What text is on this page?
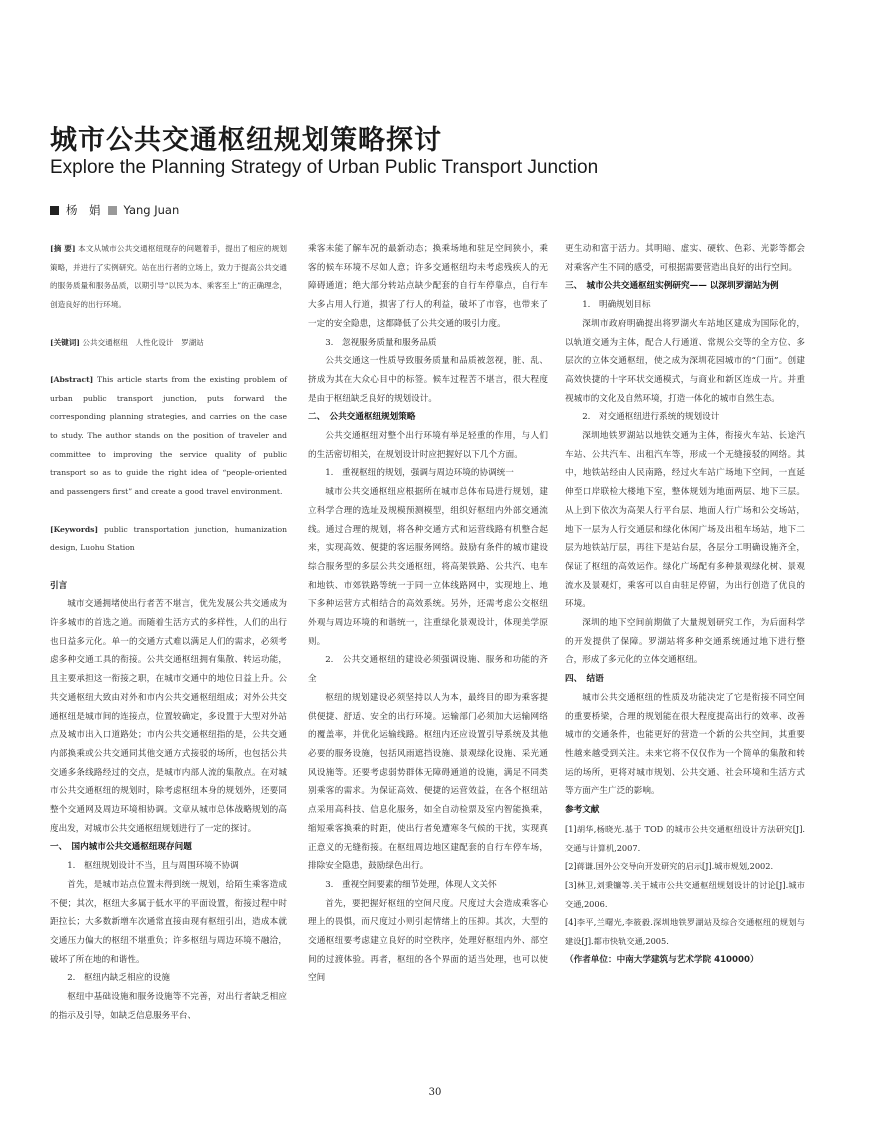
城市公共交通枢纽规划策略探讨
Explore the Planning Strategy of Urban Public Transport Junction
杨　娟 Yang Juan

[摘 要] 本文从城市公共交通枢纽现存的问题着手，提出了相应的规划策略，并进行了实例研究。站在出行者的立场上，致力于提高公共交通的服务质量和服务品质，以期引导“以民为本、乘客至上”的正确理念，创造良好的出行环境。

[关键词] 公共交通枢纽　人性化设计　罗湖站

[Abstract] This article starts from the existing problem of urban public transport junction, puts forward the corresponding planning strategies, and carries on the case to study. The author stands on the position of traveler and committee to improving the service quality of public transport so as to guide the right idea of “people-oriented and passengers first” and create a good travel environment.

[Keywords] public transportation junction, humanization design, Luohu Station

引言

城市交通拥堵使出行者苦不堪言，优先发展公共交通成为许多城市的首选之道。而随着生活方式的多样性，人们的出行也日益多元化。单一的交通方式难以满足人们的需求，必须考虑多种交通工具的衔接。公共交通枢纽拥有集散、转运功能，且主要承担这一衔接之职，在城市交通中的地位日益上升。公共交通枢纽大致由对外和市内公共交通枢纽组成；对外公共交通枢纽是城市间的连接点，位置较确定，多设置于大型对外站点及城市出入口道路处；市内公共交通枢纽指的是，公共交通内部换乘或公共交通同其他交通方式接驳的场所，也包括公共交通多条线路经过的交点，是城市内部人流的集散点。在对城市公共交通枢纽的规划时，除考虑枢纽本身的规划外，还要同整个交通网及周边环境相协调。文章从城市总体战略规划的高度出发，对城市公共交通枢纽规划进行了一定的探讨。

一、　国内城市公共交通枢纽现存问题

1.　枢纽规划设计不当，且与周围环境不协调

首先，是城市站点位置未得到统一规划，给陌生乘客造成不便；其次，枢纽大多属于低水平的平面设置，衔接过程中时距拉长；大多数新增车次通常直接由现有枢纽引出，造成本就交通压力偏大的枢纽不堪重负；许多枢纽与周边环境不融洽，破坏了所在地的和谐性。

2.　枢纽内缺乏相应的设施

枢纽中基础设施和服务设施等不完善，对出行者缺乏相应的指示及引导，如缺乏信息服务平台、

乘客未能了解车况的最新动态；换乘场地和驻足空间狭小，乘客的候车环境不尽如人意；许多交通枢纽均未考虑残疾人的无障碍通道；绝大部分转站点缺少配套的自行车停靠点，自行车大多占用人行道，损害了行人的利益，破坏了市容，也带来了一定的安全隐患，这都降低了公共交通的吸引力度。

3.　忽视服务质量和服务品质

公共交通这一性质导致服务质量和品质被忽视，脏、乱、挤成为其在大众心目中的标签。候车过程苦不堪言，很大程度是由于枢纽缺乏良好的规划设计。

二、　公共交通枢纽规划策略

公共交通枢纽对整个出行环境有举足轻重的作用，与人们的生活密切相关，在规划设计时应把握好以下几个方面。

1.　重视枢纽的规划，强调与周边环境的协调统一

城市公共交通枢纽应根据所在城市总体布局进行规划，建立科学合理的选址及规模预测模型，组织好枢纽内外部交通流线。通过合理的规划，将各种交通方式和运营线路有机整合起来，实现高效、便捷的客运服务网络。鼓励有条件的城市建设综合服务型的多层公共交通枢纽，将高架铁路、公共汽、电车和地铁、市郊铁路等统一于同一立体线路网中，实现地上、地下多种运营方式相结合的高效系统。另外，还需考虑公交枢纽外观与周边环境的和谐统一，注重绿化景观设计，体现美学原则。

2.　公共交通枢纽的建设必须强调设施、服务和功能的齐全

枢纽的规划建设必须坚持以人为本，最终目的即为乘客提供便捷、舒适、安全的出行环境。运输部门必须加大运输网络的覆盖率，并优化运输线路。枢纽内还应设置引导系统及其他必要的服务设施，包括风雨遮挡设施、景观绿化设施、采光通风设施等。还要考虑弱势群体无障碍通道的设施，满足不同类别乘客的需求。为保证高效、便捷的运营效益，在各个枢纽站点采用高科技、信息化服务，如全自动检票及室内智能换乘，缩短乘客换乘的时距，使出行者免遭寒冬气候的干扰，实现真正意义的无缝衔接。在枢纽周边地区建配套的自行车停车场，排除安全隐患，鼓励绿色出行。

3.　重视空间要素的细节处理，体现人文关怀

首先，要把握好枢纽的空间尺度。尺度过大会造成乘客心理上的畏惧，而尺度过小则引起情绪上的压抑。其次，大型的交通枢纽要考虑建立良好的时空秩序，处理好枢纽内外、部空间的过渡体验。再者，枢纽的各个界面的适当处理，也可以使空间

更生动和富于活力。其明暗、虚实、硬软、色彩、光影等都会对乘客产生不同的感受，可根据需要营造出良好的出行空间。

三、　城市公共交通枢纽实例研究—— 以深圳罗湖站为例

1.　明确规划目标

深圳市政府明确提出将罗湖火车站地区建成为国际化的，以轨道交通为主体，配合人行通道、常规公交等的全方位、多层次的立体交通枢纽，使之成为深圳花园城市的“门面”。创建高效快捷的十字环状交通模式，与商业和新区连成一片。并重视城市的文化及自然环境，打造一体化的城市自然生态。

2.　对交通枢纽进行系统的规划设计

深圳地铁罗湖站以地铁交通为主体，衔接火车站、长途汽车站、公共汽车、出租汽车等，形成一个无缝接驳的网络。其中，地铁站经由人民南路，经过火车站广场地下空间，一直延伸至口岸联检大楼地下室，整体规划为地面两层、地下三层。从上到下依次为高架人行平台层、地面人行广场和公交场站，地下一层为人行交通层和绿化休闲广场及出租车场站，地下二层为地铁站厅层，再往下是站台层，各层分工明确设施齐全，保证了枢纽的高效运作。绿化广场配有多种景观绿化树、景观流水及景观灯，乘客可以自由驻足停留，为出行创造了优良的环境。

深圳的地下空间前期做了大量规划研究工作，为后面科学的开发提供了保障。罗湖站将多种交通系统通过地下进行整合，形成了多元化的立体交通枢纽。

四、　结语

城市公共交通枢纽的性质及功能决定了它是衔接不同空间的重要桥梁，合理的规划能在很大程度提高出行的效率、改善城市的交通条件，也能更好的营造一个新的公共空间，其重要性越来越受到关注。未来它将不仅仅作为一个简单的集散和转运的场所，更将对城市规划、公共交通、社会环境和生活方式等方面产生广泛的影响。

参考文献

[1]胡华,杨晓光.基于 TOD 的城市公共交通枢纽设计方法研究[J].交通与计算机,2007.

[2]蒋谦.国外公交导向开发研究的启示[J].城市规划,2002.

[3]林卫,刘秉镰等.关于城市公共交通枢纽规划设计的讨论[J].城市交通,2006.

[4]李平,兰曙光,李筱毅.深圳地铁罗湖站及综合交通枢纽的规划与建设[J].都市快轨交通,2005.

（作者单位：中南大学建筑与艺术学院 410000）

30
